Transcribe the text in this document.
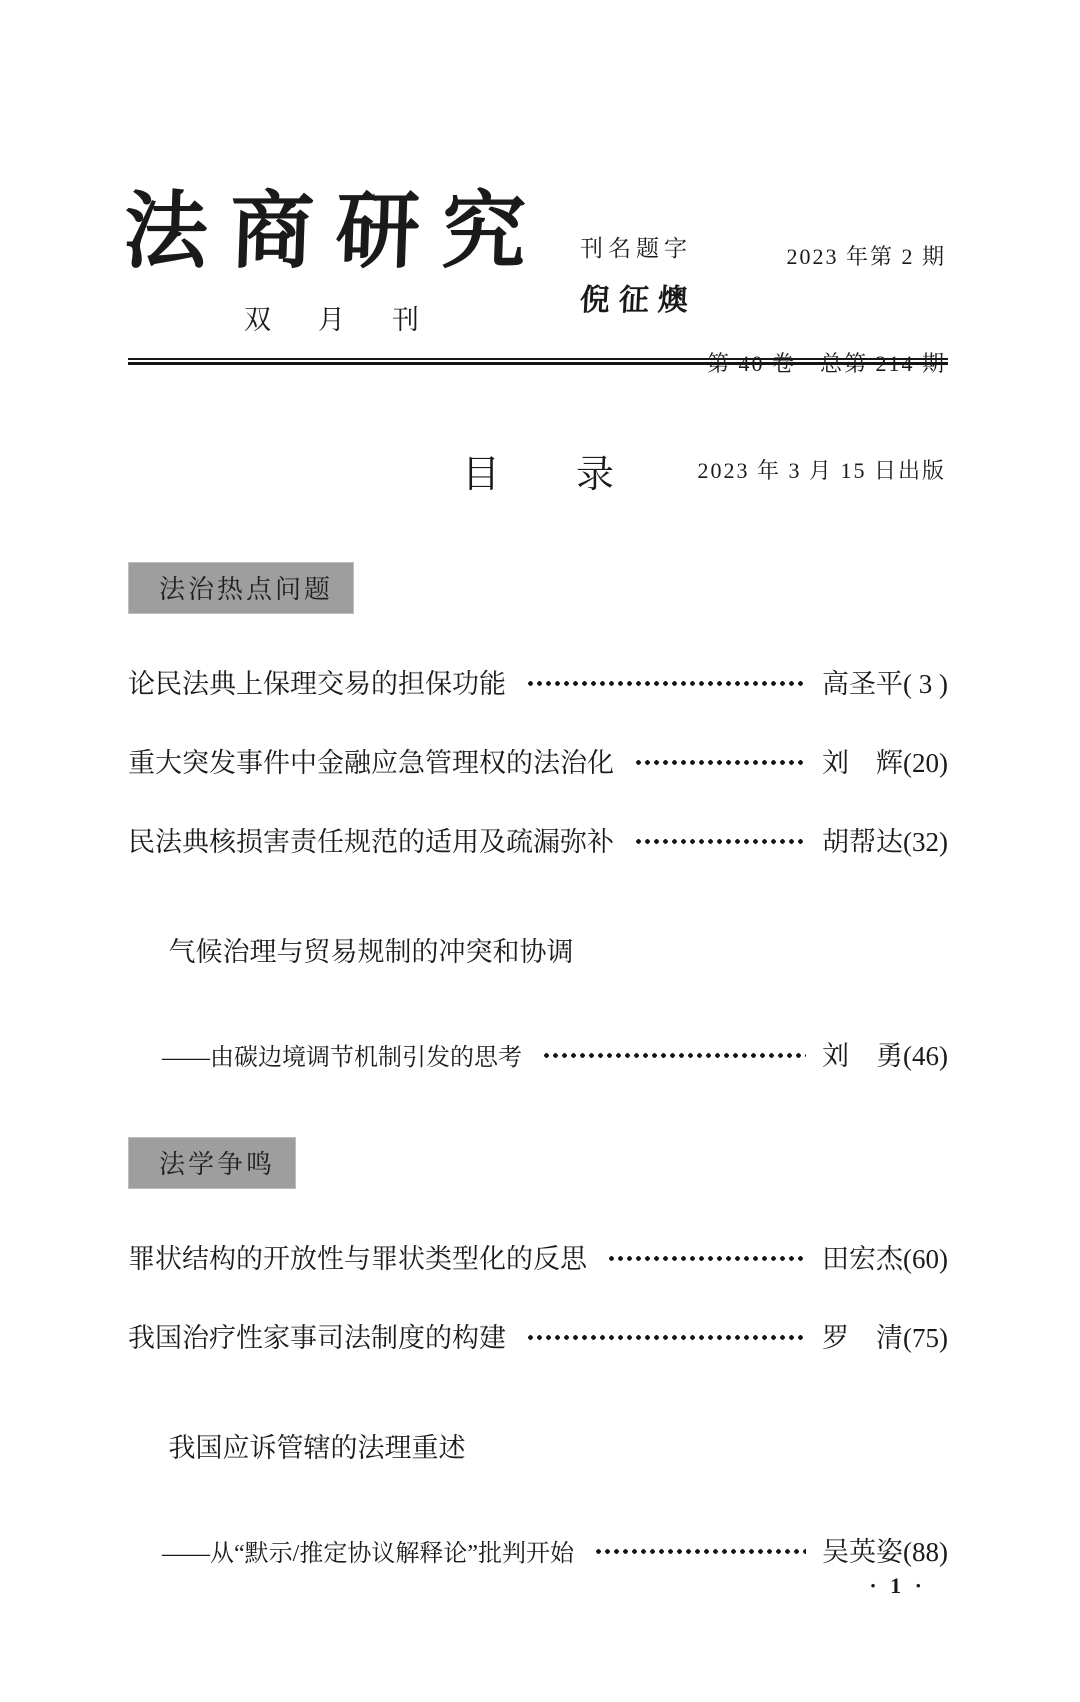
法商研究
双　月　刊
刊名题字
倪征燠

2023 年第 2 期

第 40 卷　总第 214 期

2023 年 3 月 15 日出版

目　　录
法治热点问题
论民法典上保理交易的担保功能	高圣平 ( 3 )
重大突发事件中金融应急管理权的法治化	刘　辉 (20)
民法典核损害责任规范的适用及疏漏弥补	胡帮达 (32)

气候治理与贸易规制的冲突和协调

——由碳边境调节机制引发的思考	刘　勇 (46)
法学争鸣
罪状结构的开放性与罪状类型化的反思	田宏杰 (60)
我国治疗性家事司法制度的构建	罗　清 (75)

我国应诉管辖的法理重述

——从“默示/推定协议解释论”批判开始	吴英姿 (88)
· 1 ·
